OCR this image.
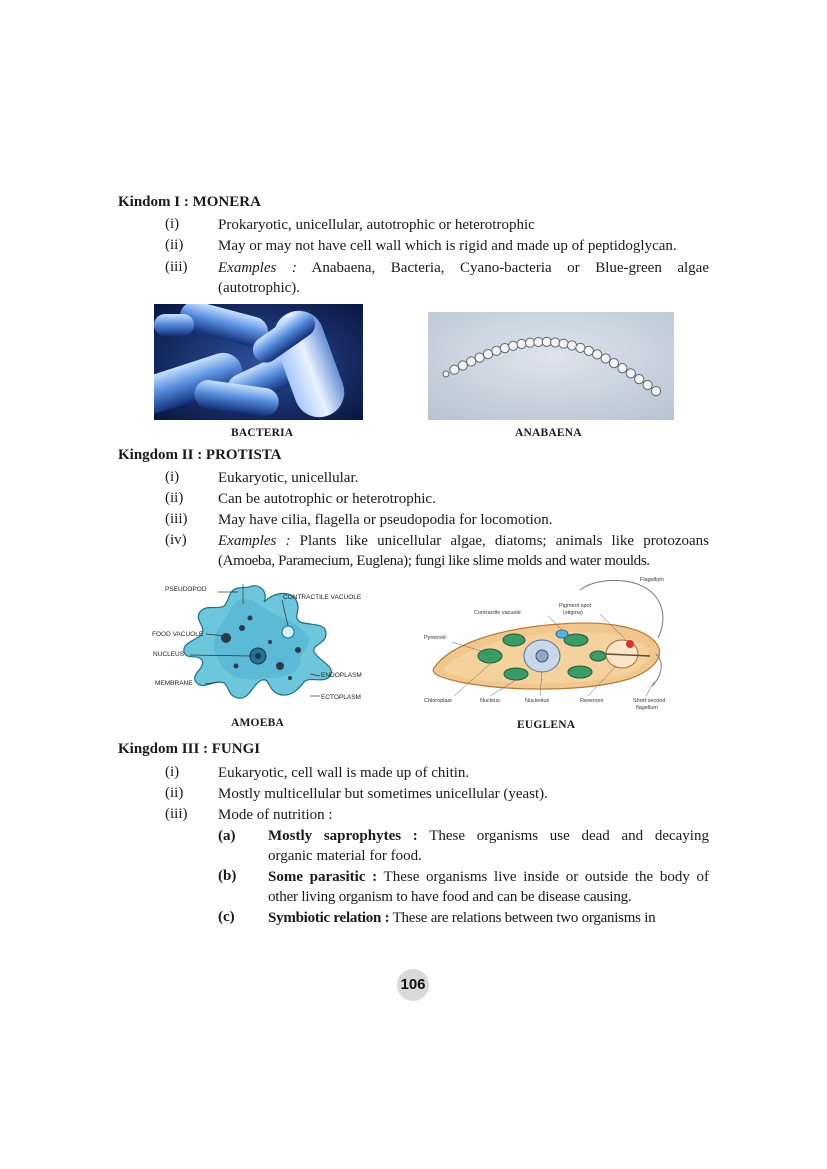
Kindom I : MONERA
(i)	Prokaryotic, unicellular, autotrophic or heterotrophic
(ii) May or may not have cell wall which is rigid and made up of peptidoglycan.
(iii) Examples : Anabaena, Bacteria, Cyano-bacteria or Blue-green algae
(autotrophic).
BACTERIA	ANABAENA
Kingdom II : PROTISTA
(i)	Eukaryotic, unicellular.
(ii) Can be autotrophic or heterotrophic.
(iii) May have cilia, flagella or pseudopodia for locomotion.
(iv) Examples : Plants like unicellular algae, diatoms; animals like protozoans
(Amoeba, Paramecium, Euglena); fungi like slime molds and water moulds.
PSEUDOPOD
CONTRACTILE VACUOLE
FOOD VACUOLE
NUCLEUS
MEMBRANE
ENDOPLASM
ECTOPLASM
Flagellum
Pigment spot
(stigma)
Contractile vacuole
Pyrenoid
Chloroplast	Nucleus	Nucleolus	Reservoir	Short second
flagellum
AMOEBA	EUGLENA
Kingdom III : FUNGI
(i)	Eukaryotic, cell wall is made up of chitin.
(ii) Mostly multicellular but sometimes unicellular (yeast).
(iii) Mode of nutrition :
(a) Mostly saprophytes : These organisms use dead and decaying
organic material for food.
(b) Some parasitic : These organisms live inside or outside the body of
other living organism to have food and can be disease causing.
(c) Symbiotic relation : These are relations between two organisms in
106
